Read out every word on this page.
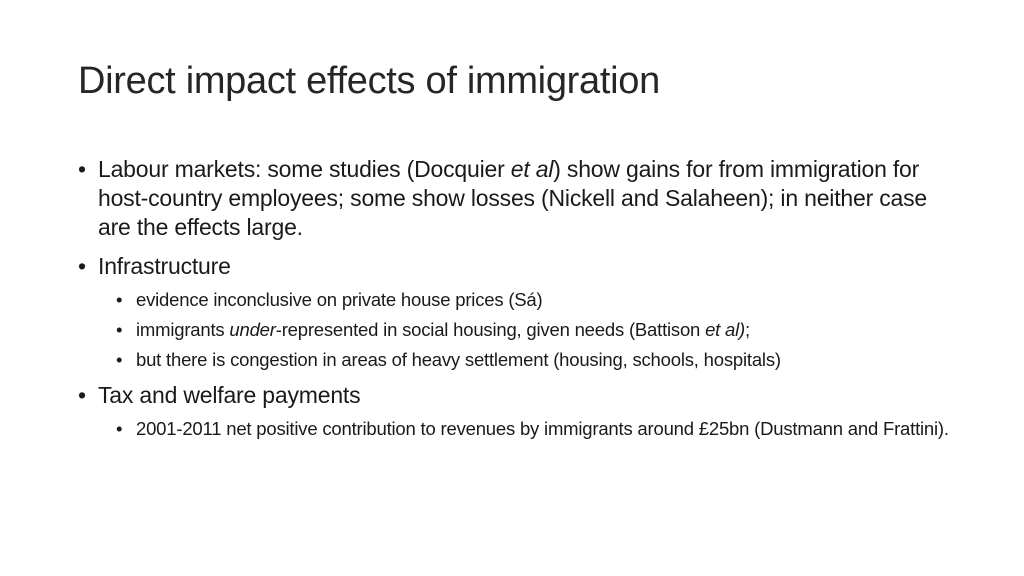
Direct impact effects of immigration

• Labour markets: some studies (Docquier et al) show gains for from immigration for host-country employees; some show losses (Nickell and Salaheen); in neither case are the effects large.

• Infrastructure

• evidence inconclusive on private house prices (Sá)

• immigrants under-represented in social housing, given needs (Battison et al);

• but there is congestion in areas of heavy settlement (housing, schools, hospitals)

• Tax and welfare payments

• 2001-2011 net positive contribution to revenues by immigrants around £25bn (Dustmann and Frattini).
